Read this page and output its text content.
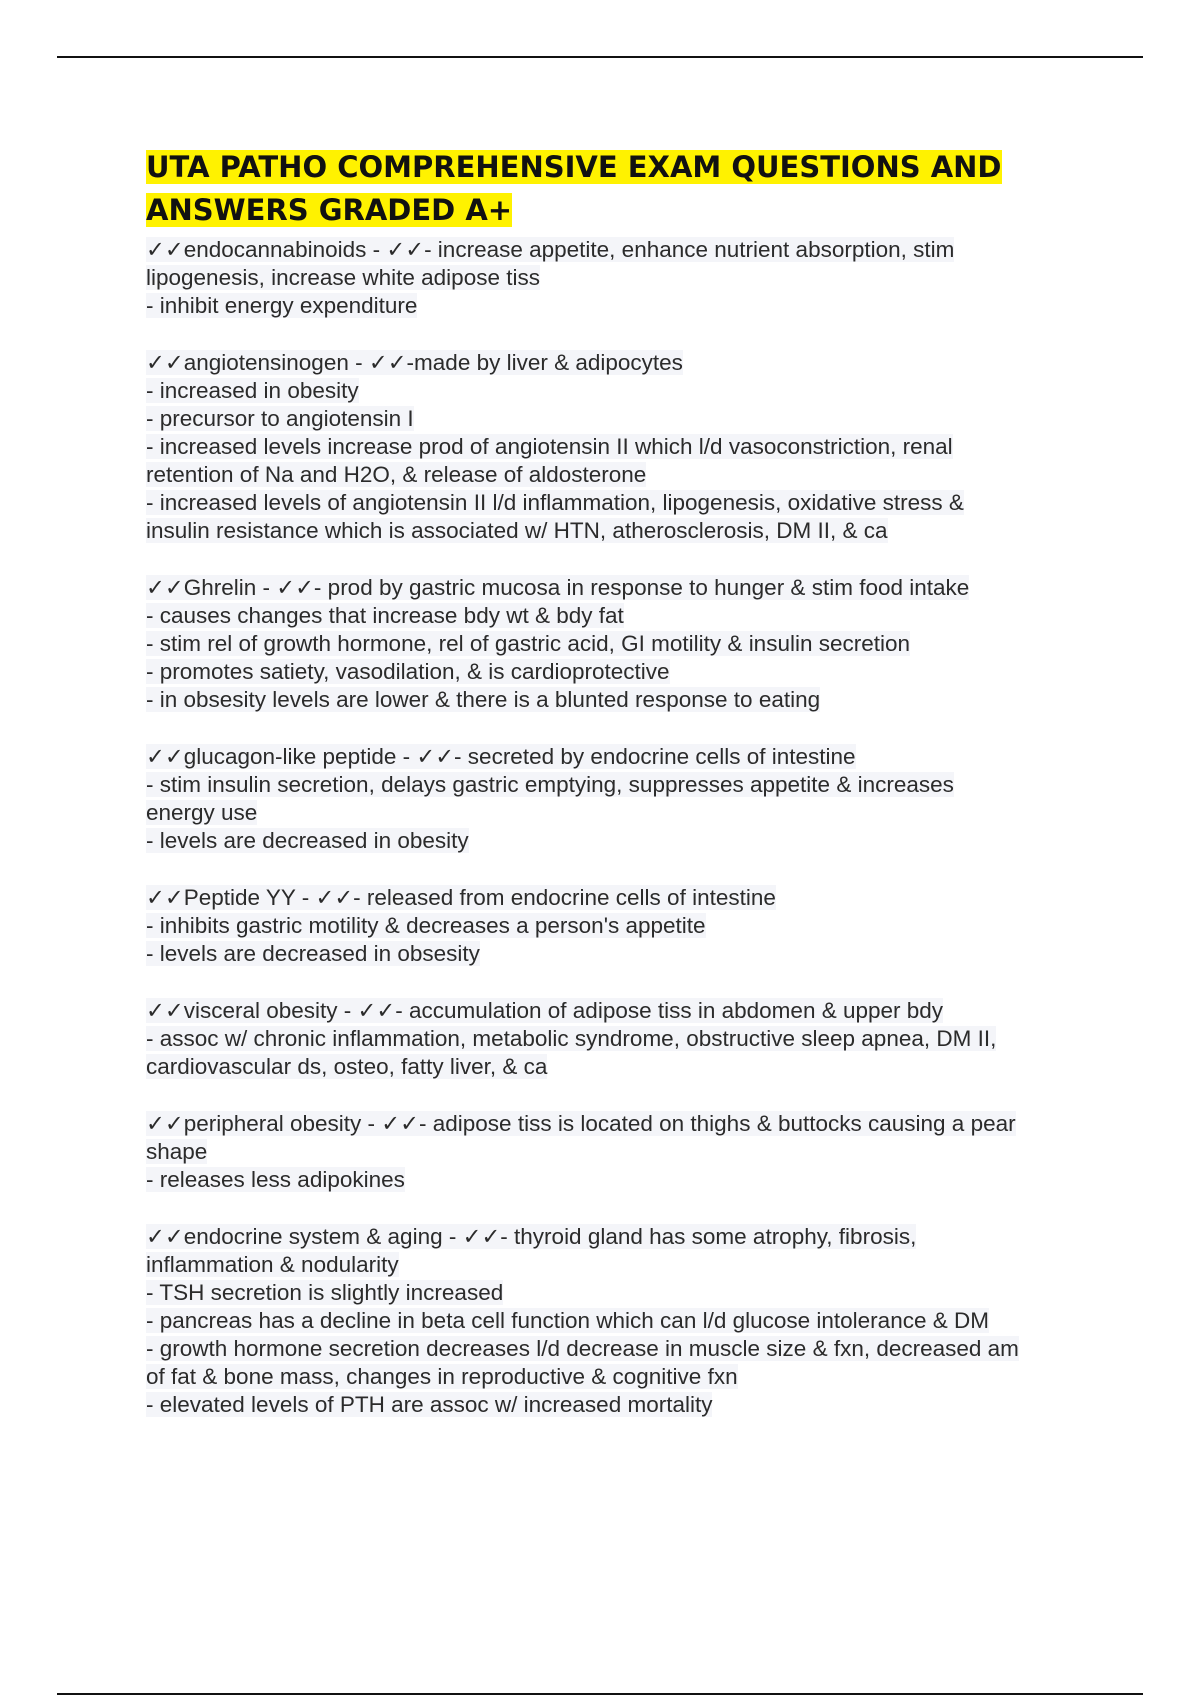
UTA PATHO COMPREHENSIVE EXAM QUESTIONS AND ANSWERS GRADED A+
✓✓endocannabinoids - ✓✓- increase appetite, enhance nutrient absorption, stim
lipogenesis, increase white adipose tiss
- inhibit energy expenditure
✓✓angiotensinogen - ✓✓-made by liver & adipocytes
- increased in obesity
- precursor to angiotensin I
- increased levels increase prod of angiotensin II which l/d vasoconstriction, renal
retention of Na and H2O, & release of aldosterone
- increased levels of angiotensin II l/d inflammation, lipogenesis, oxidative stress &
insulin resistance which is associated w/ HTN, atherosclerosis, DM II, & ca
✓✓Ghrelin - ✓✓- prod by gastric mucosa in response to hunger & stim food intake
- causes changes that increase bdy wt & bdy fat
- stim rel of growth hormone, rel of gastric acid, GI motility & insulin secretion
- promotes satiety, vasodilation, & is cardioprotective
- in obsesity levels are lower & there is a blunted response to eating
✓✓glucagon-like peptide - ✓✓- secreted by endocrine cells of intestine
- stim insulin secretion, delays gastric emptying, suppresses appetite & increases
energy use
- levels are decreased in obesity
✓✓Peptide YY - ✓✓- released from endocrine cells of intestine
- inhibits gastric motility & decreases a person's appetite
- levels are decreased in obsesity
✓✓visceral obesity - ✓✓- accumulation of adipose tiss in abdomen & upper bdy
- assoc w/ chronic inflammation, metabolic syndrome, obstructive sleep apnea, DM II,
cardiovascular ds, osteo, fatty liver, & ca
✓✓peripheral obesity - ✓✓- adipose tiss is located on thighs & buttocks causing a pear
shape
- releases less adipokines
✓✓endocrine system & aging - ✓✓- thyroid gland has some atrophy, fibrosis,
inflammation & nodularity
- TSH secretion is slightly increased
- pancreas has a decline in beta cell function which can l/d glucose intolerance & DM
- growth hormone secretion decreases l/d decrease in muscle size & fxn, decreased am
of fat & bone mass, changes in reproductive & cognitive fxn
- elevated levels of PTH are assoc w/ increased mortality
